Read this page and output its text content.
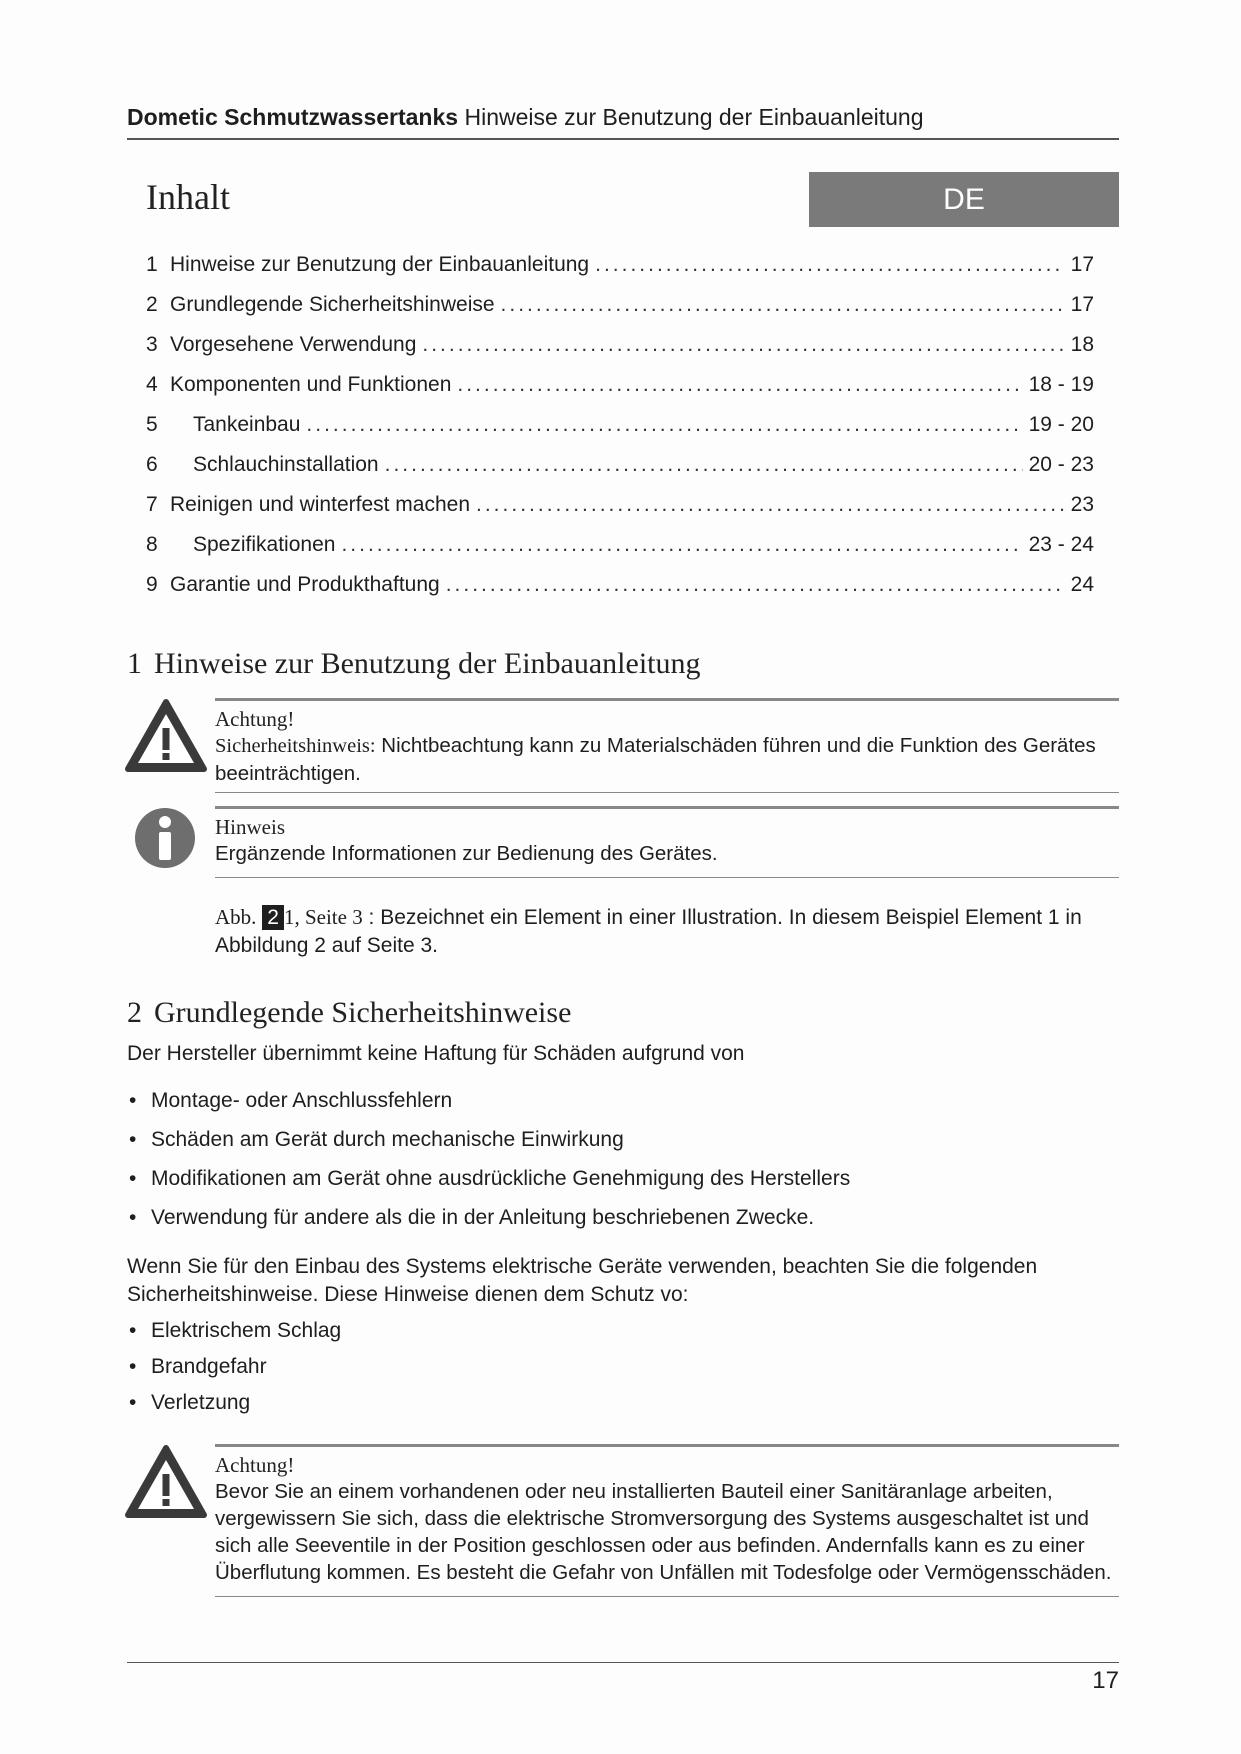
Dometic Schmutzwassertanks Hinweise zur Benutzung der Einbauanleitung
Inhalt	DE
1 Hinweise zur Benutzung der Einbauanleitung .....	17
2 Grundlegende Sicherheitshinweise .....	17
3 Vorgesehene Verwendung .....	18
4 Komponenten und Funktionen .....	18 - 19
5	Tankeinbau .....	19 - 20
6	Schlauchinstallation .....	20 - 23
7 Reinigen und winterfest machen .....	23
8	Spezifikationen .....	23 - 24
9 Garantie und Produkthaftung .....	24
1 Hinweise zur Benutzung der Einbauanleitung
Achtung!
Sicherheitshinweis: Nichtbeachtung kann zu Materialschäden führen und die Funktion des Gerätes beeinträchtigen.
Hinweis
Ergänzende Informationen zur Bedienung des Gerätes.
Abb. 2 1, Seite 3 : Bezeichnet ein Element in einer Illustration. In diesem Beispiel Element 1 in Abbildung 2 auf Seite 3.
2 Grundlegende Sicherheitshinweise
Der Hersteller übernimmt keine Haftung für Schäden aufgrund von
• Montage- oder Anschlussfehlern
• Schäden am Gerät durch mechanische Einwirkung
• Modifikationen am Gerät ohne ausdrückliche Genehmigung des Herstellers
• Verwendung für andere als die in der Anleitung beschriebenen Zwecke.
Wenn Sie für den Einbau des Systems elektrische Geräte verwenden, beachten Sie die folgenden Sicherheitshinweise. Diese Hinweise dienen dem Schutz vo:
• Elektrischem Schlag
• Brandgefahr
• Verletzung
Achtung!
Bevor Sie an einem vorhandenen oder neu installierten Bauteil einer Sanitäranlage arbeiten, vergewissern Sie sich, dass die elektrische Stromversorgung des Systems ausgeschaltet ist und sich alle Seeventile in der Position geschlossen oder aus befinden. Andernfalls kann es zu einer Überflutung kommen. Es besteht die Gefahr von Unfällen mit Todesfolge oder Vermögensschäden.
17
